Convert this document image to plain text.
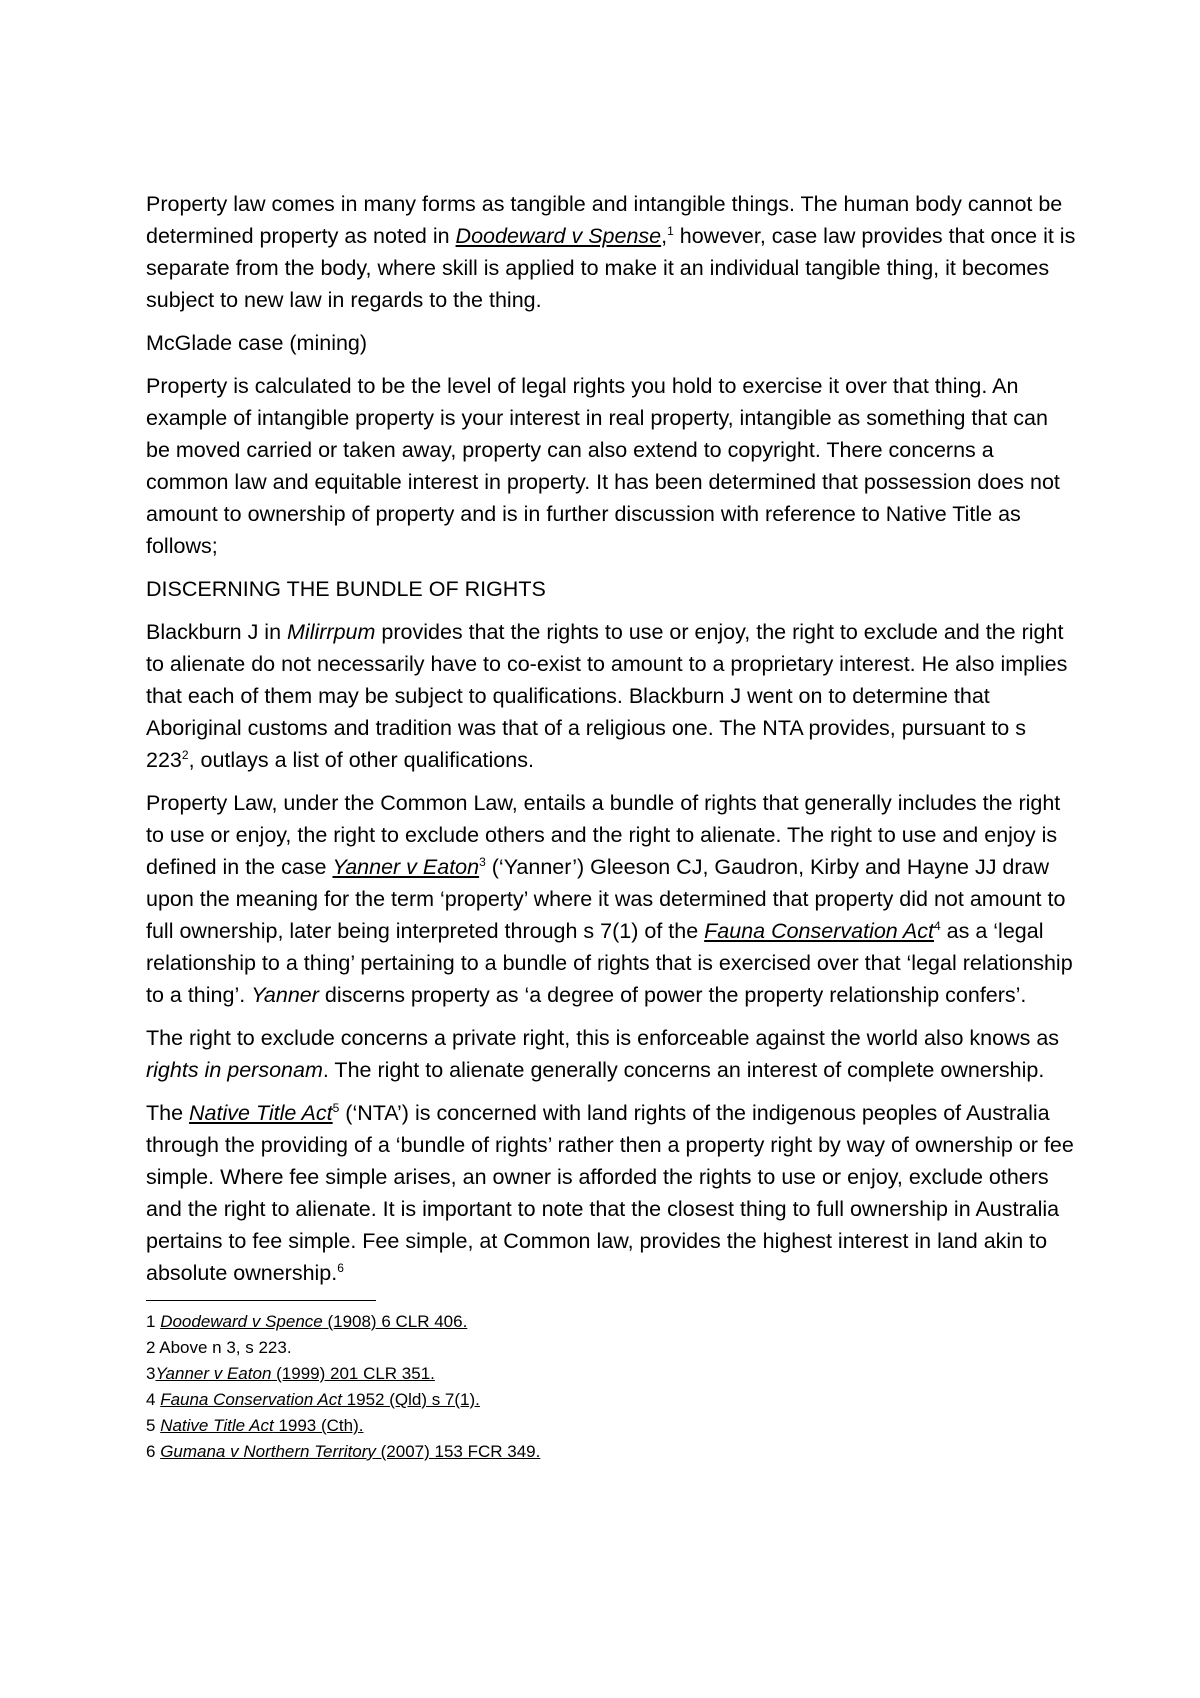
Property law comes in many forms as tangible and intangible things. The human body cannot be determined property as noted in Doodeward v Spense,$^1$ however, case law provides that once it is separate from the body, where skill is applied to make it an individual tangible thing, it becomes subject to new law in regards to the thing.

McGlade case (mining)

Property is calculated to be the level of legal rights you hold to exercise it over that thing. An example of intangible property is your interest in real property, intangible as something that can be moved carried or taken away, property can also extend to copyright. There concerns a common law and equitable interest in property. It has been determined that possession does not amount to ownership of property and is in further discussion with reference to Native Title as follows;

DISCERNING THE BUNDLE OF RIGHTS

Blackburn J in Milirrpum provides that the rights to use or enjoy, the right to exclude and the right to alienate do not necessarily have to co-exist to amount to a proprietary interest. He also implies that each of them may be subject to qualifications. Blackburn J went on to determine that Aboriginal customs and tradition was that of a religious one. The NTA provides, pursuant to s $223^2$, outlays a list of other qualifications.

Property Law, under the Common Law, entails a bundle of rights that generally includes the right to use or enjoy, the right to exclude others and the right to alienate. The right to use and enjoy is defined in the case Yanner v Eaton$^3$ (‘Yanner’) Gleeson CJ, Gaudron, Kirby and Hayne JJ draw upon the meaning for the term ‘property’ where it was determined that property did not amount to full ownership, later being interpreted through s 7(1) of the Fauna Conservation Act$^4$ as a ‘legal relationship to a thing’ pertaining to a bundle of rights that is exercised over that ‘legal relationship to a thing’. Yanner discerns property as ‘a degree of power the property relationship confers’.

The right to exclude concerns a private right, this is enforceable against the world also knows as rights in personam. The right to alienate generally concerns an interest of complete ownership.

The Native Title Act$^5$ (‘NTA’) is concerned with land rights of the indigenous peoples of Australia through the providing of a ‘bundle of rights’ rather then a property right by way of ownership or fee simple. Where fee simple arises, an owner is afforded the rights to use or enjoy, exclude others and the right to alienate. It is important to note that the closest thing to full ownership in Australia pertains to fee simple. Fee simple, at Common law, provides the highest interest in land akin to absolute ownership.$^6$

1 Doodeward v Spence (1908) 6 CLR 406.
2 Above n 3, s 223.
3Yanner v Eaton (1999) 201 CLR 351.
4 Fauna Conservation Act 1952 (Qld) s 7(1).
5 Native Title Act 1993 (Cth).
6 Gumana v Northern Territory (2007) 153 FCR 349.
